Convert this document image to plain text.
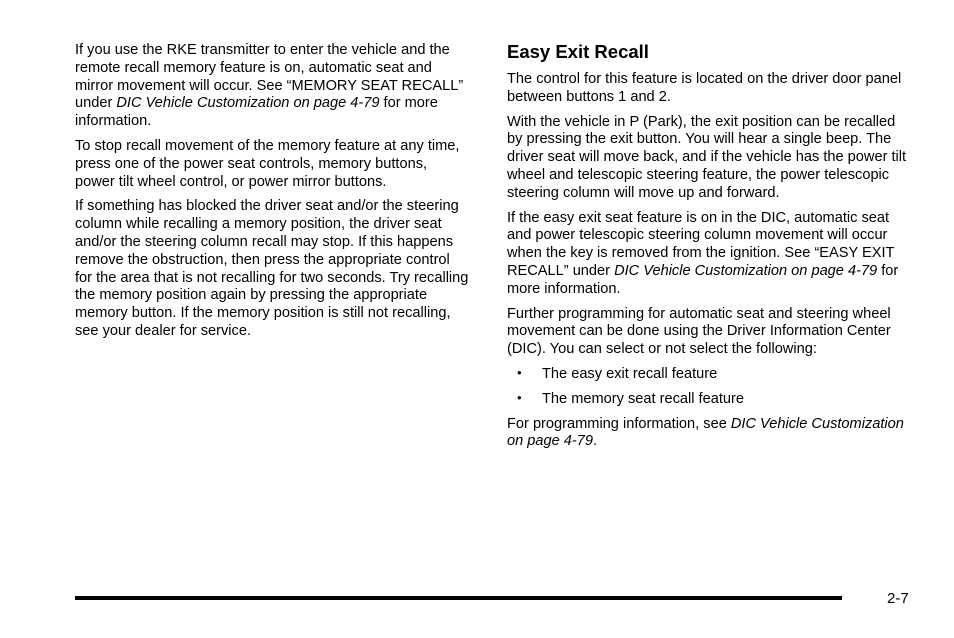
If you use the RKE transmitter to enter the vehicle and the remote recall memory feature is on, automatic seat and mirror movement will occur. See “MEMORY SEAT RECALL” under DIC Vehicle Customization on page 4-79 for more information.

To stop recall movement of the memory feature at any time, press one of the power seat controls, memory buttons, power tilt wheel control, or power mirror buttons.

If something has blocked the driver seat and/or the steering column while recalling a memory position, the driver seat and/or the steering column recall may stop. If this happens remove the obstruction, then press the appropriate control for the area that is not recalling for two seconds. Try recalling the memory position again by pressing the appropriate memory button. If the memory position is still not recalling, see your dealer for service.

Easy Exit Recall

The control for this feature is located on the driver door panel between buttons 1 and 2.

With the vehicle in P (Park), the exit position can be recalled by pressing the exit button. You will hear a single beep. The driver seat will move back, and if the vehicle has the power tilt wheel and telescopic steering feature, the power telescopic steering column will move up and forward.

If the easy exit seat feature is on in the DIC, automatic seat and power telescopic steering column movement will occur when the key is removed from the ignition. See “EASY EXIT RECALL” under DIC Vehicle Customization on page 4-79 for more information.

Further programming for automatic seat and steering wheel movement can be done using the Driver Information Center (DIC). You can select or not select the following:

• The easy exit recall feature
• The memory seat recall feature

For programming information, see DIC Vehicle Customization on page 4-79.

2-7
